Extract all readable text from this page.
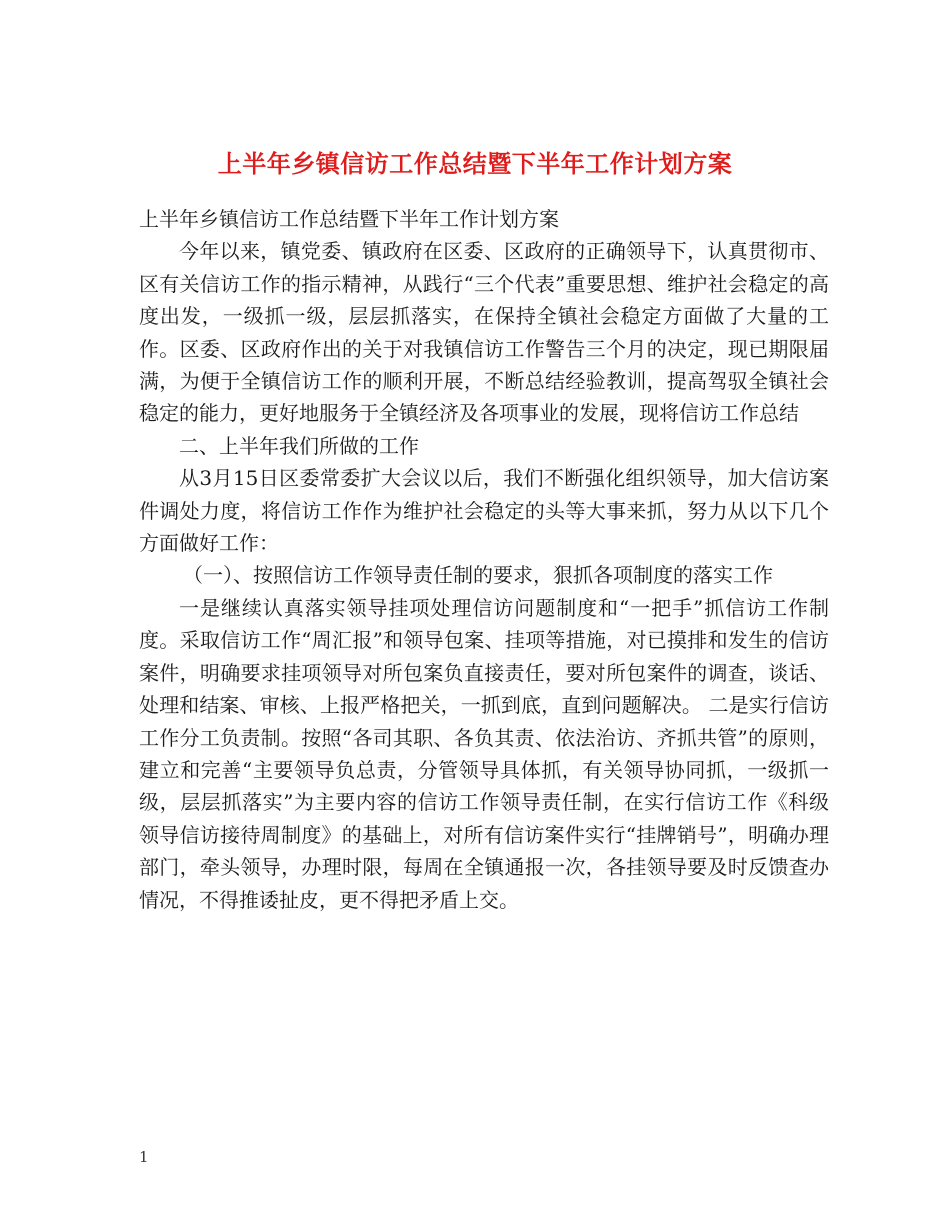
上半年乡镇信访工作总结暨下半年工作计划方案

上半年乡镇信访工作总结暨下半年工作计划方案

今年以来，镇党委、镇政府在区委、区政府的正确领导下，认真贯彻市、区有关信访工作的指示精神，从践行“三个代表”重要思想、维护社会稳定的高度出发，一级抓一级，层层抓落实，在保持全镇社会稳定方面做了大量的工作。区委、区政府作出的关于对我镇信访工作警告三个月的决定，现已期限届满，为便于全镇信访工作的顺利开展，不断总结经验教训，提高驾驭全镇社会稳定的能力，更好地服务于全镇经济及各项事业的发展，现将信访工作总结

二、上半年我们所做的工作

从3月15日区委常委扩大会议以后，我们不断强化组织领导，加大信访案件调处力度，将信访工作作为维护社会稳定的头等大事来抓，努力从以下几个方面做好工作：

（一）、按照信访工作领导责任制的要求，狠抓各项制度的落实工作

一是继续认真落实领导挂项处理信访问题制度和“一把手”抓信访工作制度。采取信访工作“周汇报”和领导包案、挂项等措施，对已摸排和发生的信访案件，明确要求挂项领导对所包案负直接责任，要对所包案件的调查，谈话、处理和结案、审核、上报严格把关，一抓到底，直到问题解决。 二是实行信访工作分工负责制。按照“各司其职、各负其责、依法治访、齐抓共管”的原则，建立和完善“主要领导负总责，分管领导具体抓，有关领导协同抓，一级抓一级，层层抓落实”为主要内容的信访工作领导责任制，在实行信访工作《科级领导信访接待周制度》的基础上，对所有信访案件实行“挂牌销号”，明确办理部门，牵头领导，办理时限，每周在全镇通报一次，各挂领导要及时反馈查办情况，不得推诿扯皮，更不得把矛盾上交。

1
